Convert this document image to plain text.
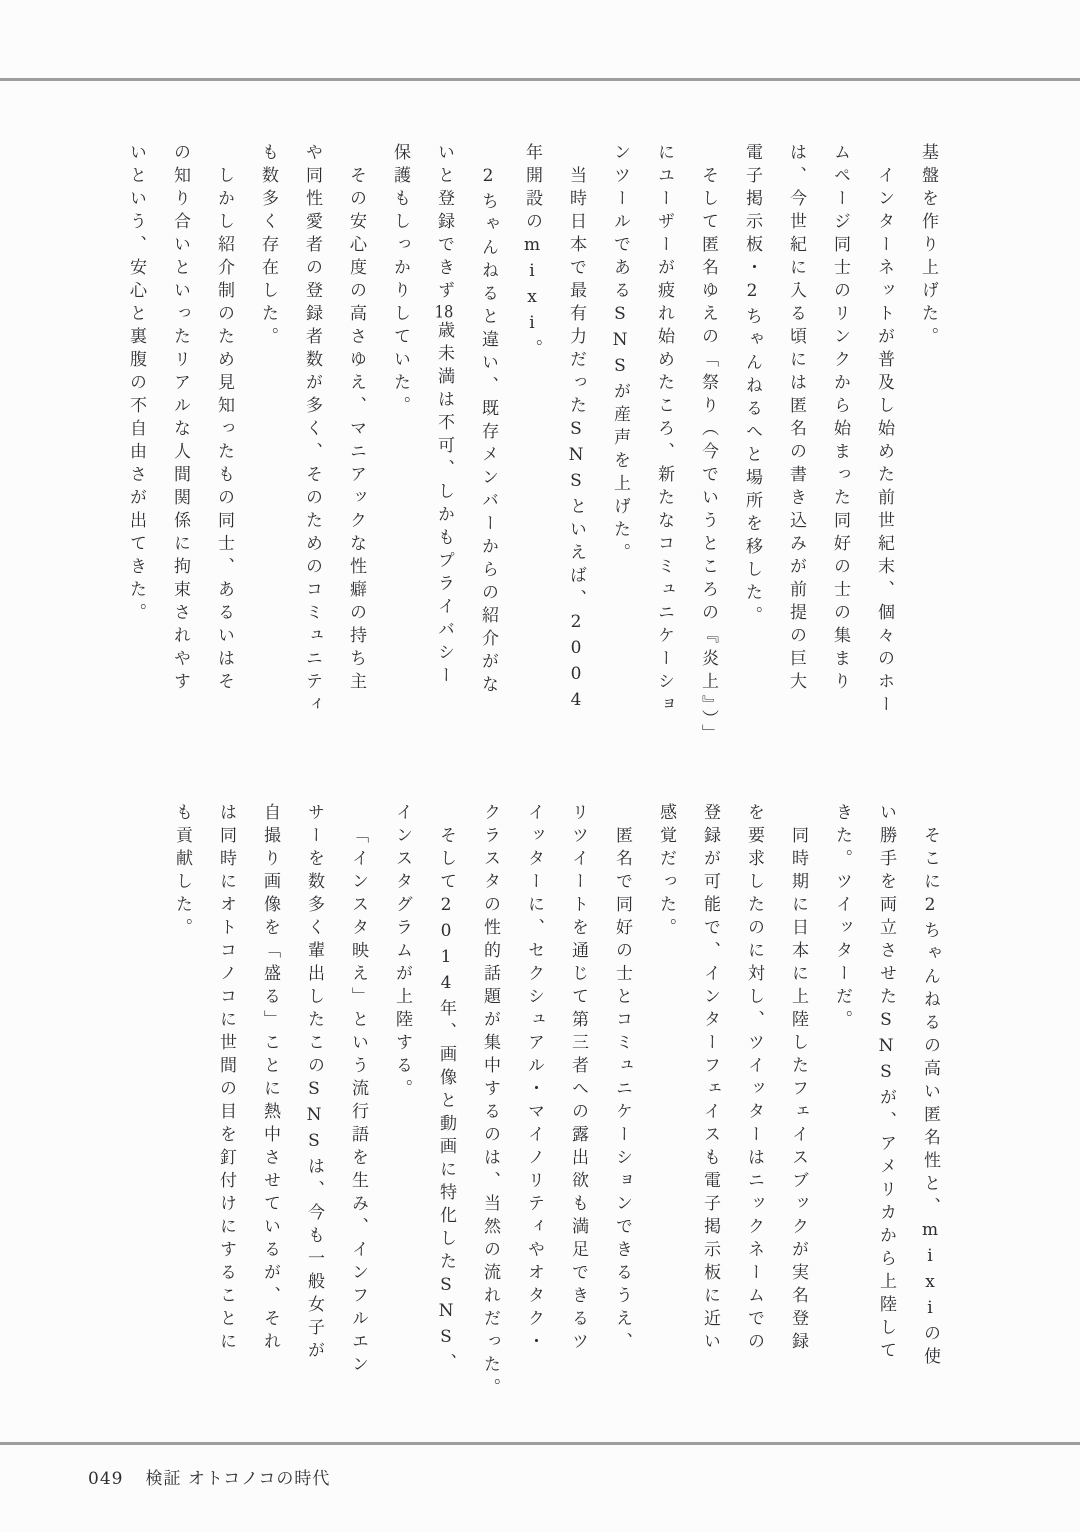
基盤を作り上げた。
インターネットが普及し始めた前世紀末、個々のホー
ムページ同士のリンクから始まった同好の士の集まり
は、今世紀に入る頃には匿名の書き込みが前提の巨大
電子掲示板・2ちゃんねるへと場所を移した。
そして匿名ゆえの「祭り（今でいうところの『炎上』）」
にユーザーが疲れ始めたころ、新たなコミュニケーショ
ンツールであるSNSが産声を上げた。
当時日本で最有力だったSNSといえば、2004
年開設のmixi。
2ちゃんねると違い、既存メンバーからの紹介がな
いと登録できず18歳未満は不可、しかもプライバシー
保護もしっかりしていた。
その安心度の高さゆえ、マニアックな性癖の持ち主
や同性愛者の登録者数が多く、そのためのコミュニティ
も数多く存在した。
しかし紹介制のため見知ったもの同士、あるいはそ
の知り合いといったリアルな人間関係に拘束されやす
いという、安心と裏腹の不自由さが出てきた。
そこに2ちゃんねるの高い匿名性と、mixiの使
い勝手を両立させたSNSが、アメリカから上陸して
きた。ツイッターだ。
同時期に日本に上陸したフェイスブックが実名登録
を要求したのに対し、ツイッターはニックネームでの
登録が可能で、インターフェイスも電子掲示板に近い
感覚だった。
匿名で同好の士とコミュニケーションできるうえ、
リツイートを通じて第三者への露出欲も満足できるツ
イッターに、セクシュアル・マイノリティやオタク・
クラスタの性的話題が集中するのは、当然の流れだった。
そして2014年、画像と動画に特化したSNS、
インスタグラムが上陸する。
「インスタ映え」という流行語を生み、インフルエン
サーを数多く輩出したこのSNSは、今も一般女子が
自撮り画像を「盛る」ことに熱中させているが、それ
は同時にオトコノコに世間の目を釘付けにすることに
も貢献した。
049 検証 オトコノコの時代
